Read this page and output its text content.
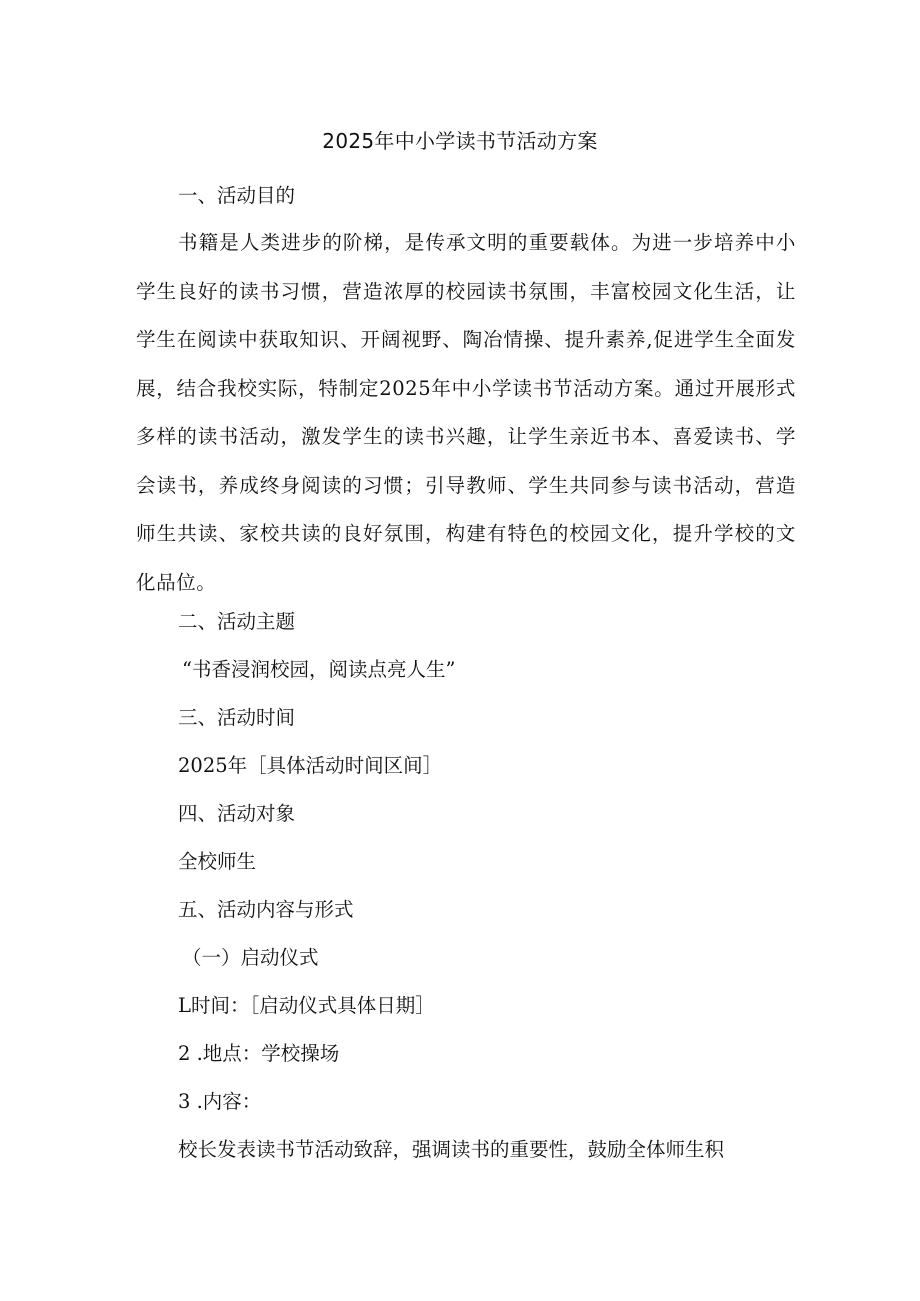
2025年中小学读书节活动方案

一、活动目的

书籍是人类进步的阶梯，是传承文明的重要载体。为进一步培养中小学生良好的读书习惯，营造浓厚的校园读书氛围，丰富校园文化生活，让学生在阅读中获取知识、开阔视野、陶冶情操、提升素养,促进学生全面发展，结合我校实际，特制定2025年中小学读书节活动方案。通过开展形式多样的读书活动，激发学生的读书兴趣，让学生亲近书本、喜爱读书、学会读书，养成终身阅读的习惯；引导教师、学生共同参与读书活动，营造师生共读、家校共读的良好氛围，构建有特色的校园文化，提升学校的文化品位。

二、活动主题

“书香浸润校园，阅读点亮人生”

三、活动时间

2025年［具体活动时间区间］

四、活动对象

全校师生

五、活动内容与形式

（一）启动仪式

L时间：［启动仪式具体日期］

2 .地点：学校操场

3 .内容：

校长发表读书节活动致辞，强调读书的重要性，鼓励全体师生积
